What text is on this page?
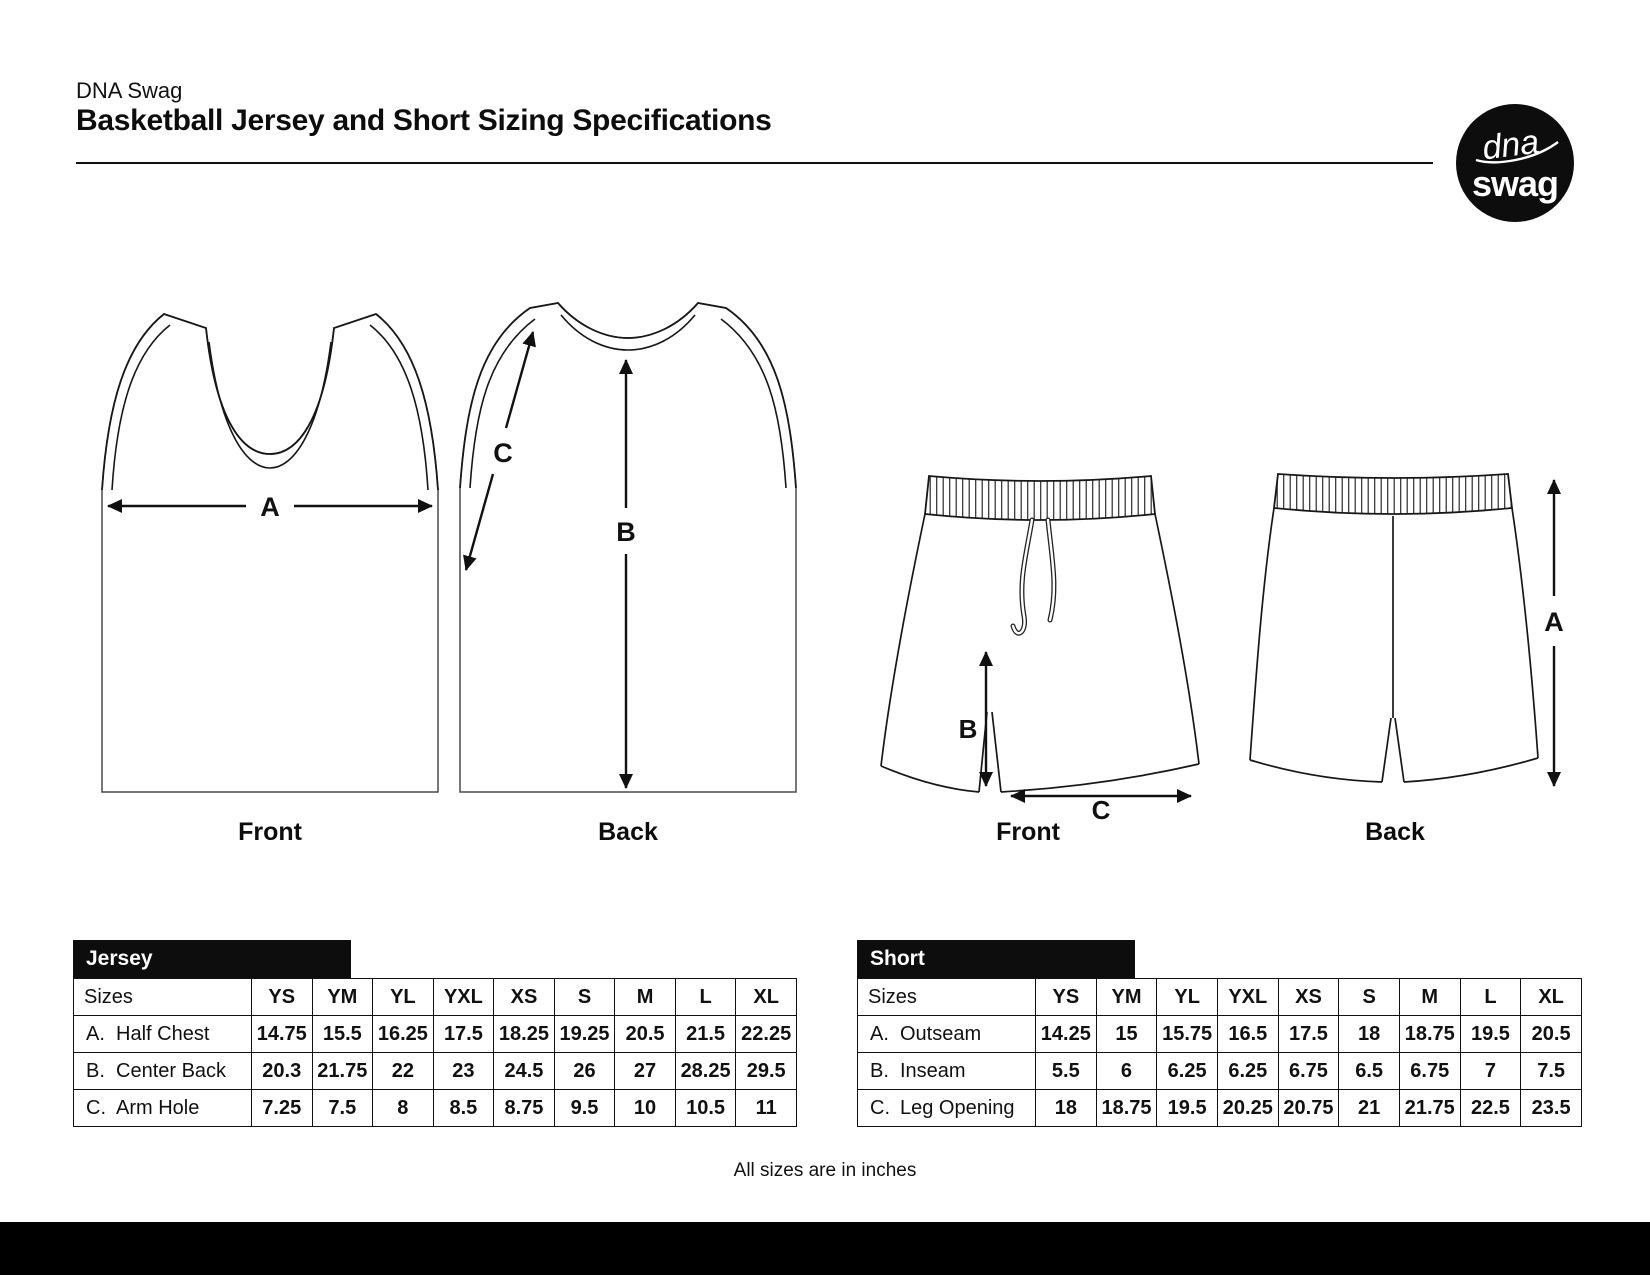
DNA Swag
Basketball Jersey and Short Sizing Specifications
dna
swag
A
B
C
B
C
A
Front	Back	Front	Back
Jersey
Sizes	YS	YM	YL	YXL	XS	S	M	L	XL
A. Half Chest	14.75	15.5	16.25	17.5	18.25	19.25	20.5	21.5	22.25
B. Center Back	20.3	21.75	22	23	24.5	26	27	28.25	29.5
C. Arm Hole	7.25	7.5	8	8.5	8.75	9.5	10	10.5	11
Short
Sizes	YS	YM	YL	YXL	XS	S	M	L	XL
A. Outseam	14.25	15	15.75	16.5	17.5	18	18.75	19.5	20.5
B. Inseam	5.5	6	6.25	6.25	6.75	6.5	6.75	7	7.5
C. Leg Opening	18	18.75	19.5	20.25	20.75	21	21.75	22.5	23.5
All sizes are in inches
